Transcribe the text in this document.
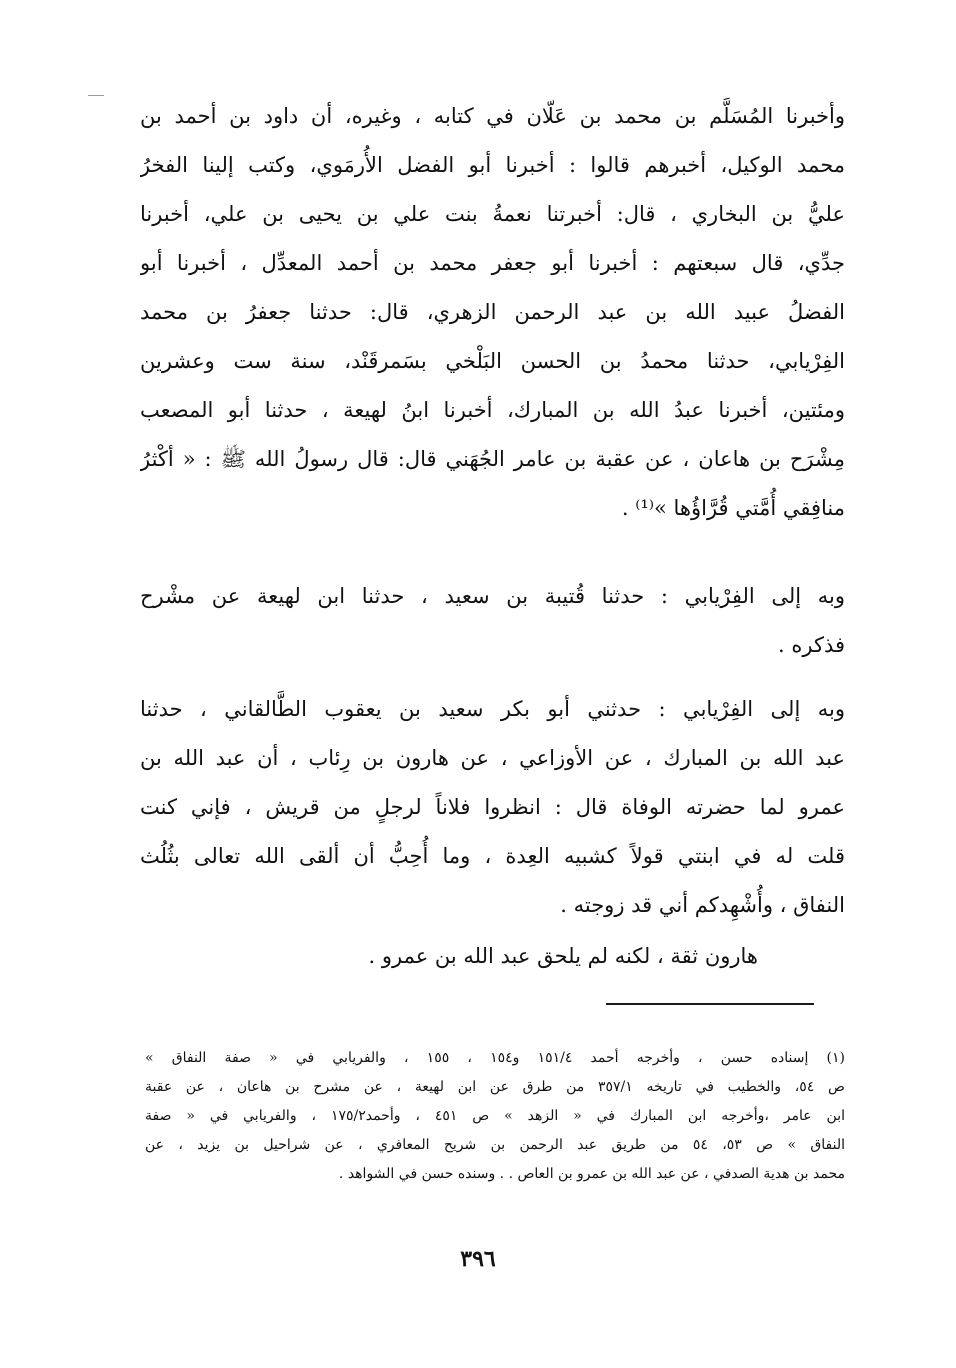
وأخبرنا المُسَلَّم بن محمد بن عَلّان في كتابه ، وغيره، أن داود بن أحمد بن
محمد الوكيل، أخبرهم قالوا : أخبرنا أبو الفضل الأُرمَوي، وكتب إلينا الفخرُ
عليُّ بن البخاري ، قال: أخبرتنا نعمةُ بنت علي بن يحيى بن علي، أخبرنا
جدِّي، قال سبعتهم : أخبرنا أبو جعفر محمد بن أحمد المعدِّل ، أخبرنا أبو
الفضلُ عبيد الله بن عبد الرحمن الزهري، قال: حدثنا جعفرُ بن محمد
الفِرْيابي، حدثنا محمدُ بن الحسن البَلْخي بسَمرقَنْد، سنة ست وعشرين
ومئتين، أخبرنا عبدُ الله بن المبارك، أخبرنا ابنُ لهيعة ، حدثنا أبو المصعب
مِشْرَح بن هاعان ، عن عقبة بن عامر الجُهَني قال: قال رسولُ الله ﷺ : « أكْثرُ
منافِقي أُمَّتي قُرَّاؤُها »⁽¹⁾ .
وبه إلى الفِرْيابي : حدثنا قُتيبة بن سعيد ، حدثنا ابن لهيعة عن مشْرح
فذكره .
وبه إلى الفِرْيابي : حدثني أبو بكر سعيد بن يعقوب الطَّالقاني ، حدثنا
عبد الله بن المبارك ، عن الأوزاعي ، عن هارون بن رِئاب ، أن عبد الله بن
عمرو لما حضرته الوفاة قال : انظروا فلاناً لرجلٍ من قريش ، فإني كنت
قلت له في ابنتي قولاً كشبيه العِدة ، وما أُحِبُّ أن ألقى الله تعالى بثُلُث
النفاق ، وأُشْهِدكم أني قد زوجته .
هارون ثقة ، لكنه لم يلحق عبد الله بن عمرو .
(١) إسناده حسن ، وأخرجه أحمد ١٥١/٤ و١٥٤ ، ١٥٥ ، والفريابي في « صفة النفاق »
ص ٥٤، والخطيب في تاريخه ٣٥٧/١ من طرق عن ابن لهيعة ، عن مشرح بن هاعان ، عن عقبة
ابن عامر ،وأخرجه ابن المبارك في « الزهد » ص ٤٥١ ، وأحمد١٧٥/٢ ، والفريابي في « صفة
النفاق » ص ٥٣، ٥٤ من طريق عبد الرحمن بن شريح المعافري ، عن شراحيل بن يزيد ، عن
محمد بن هدية الصدفي ، عن عبد الله بن عمرو بن العاص . . وسنده حسن في الشواهد .
٣٩٦
